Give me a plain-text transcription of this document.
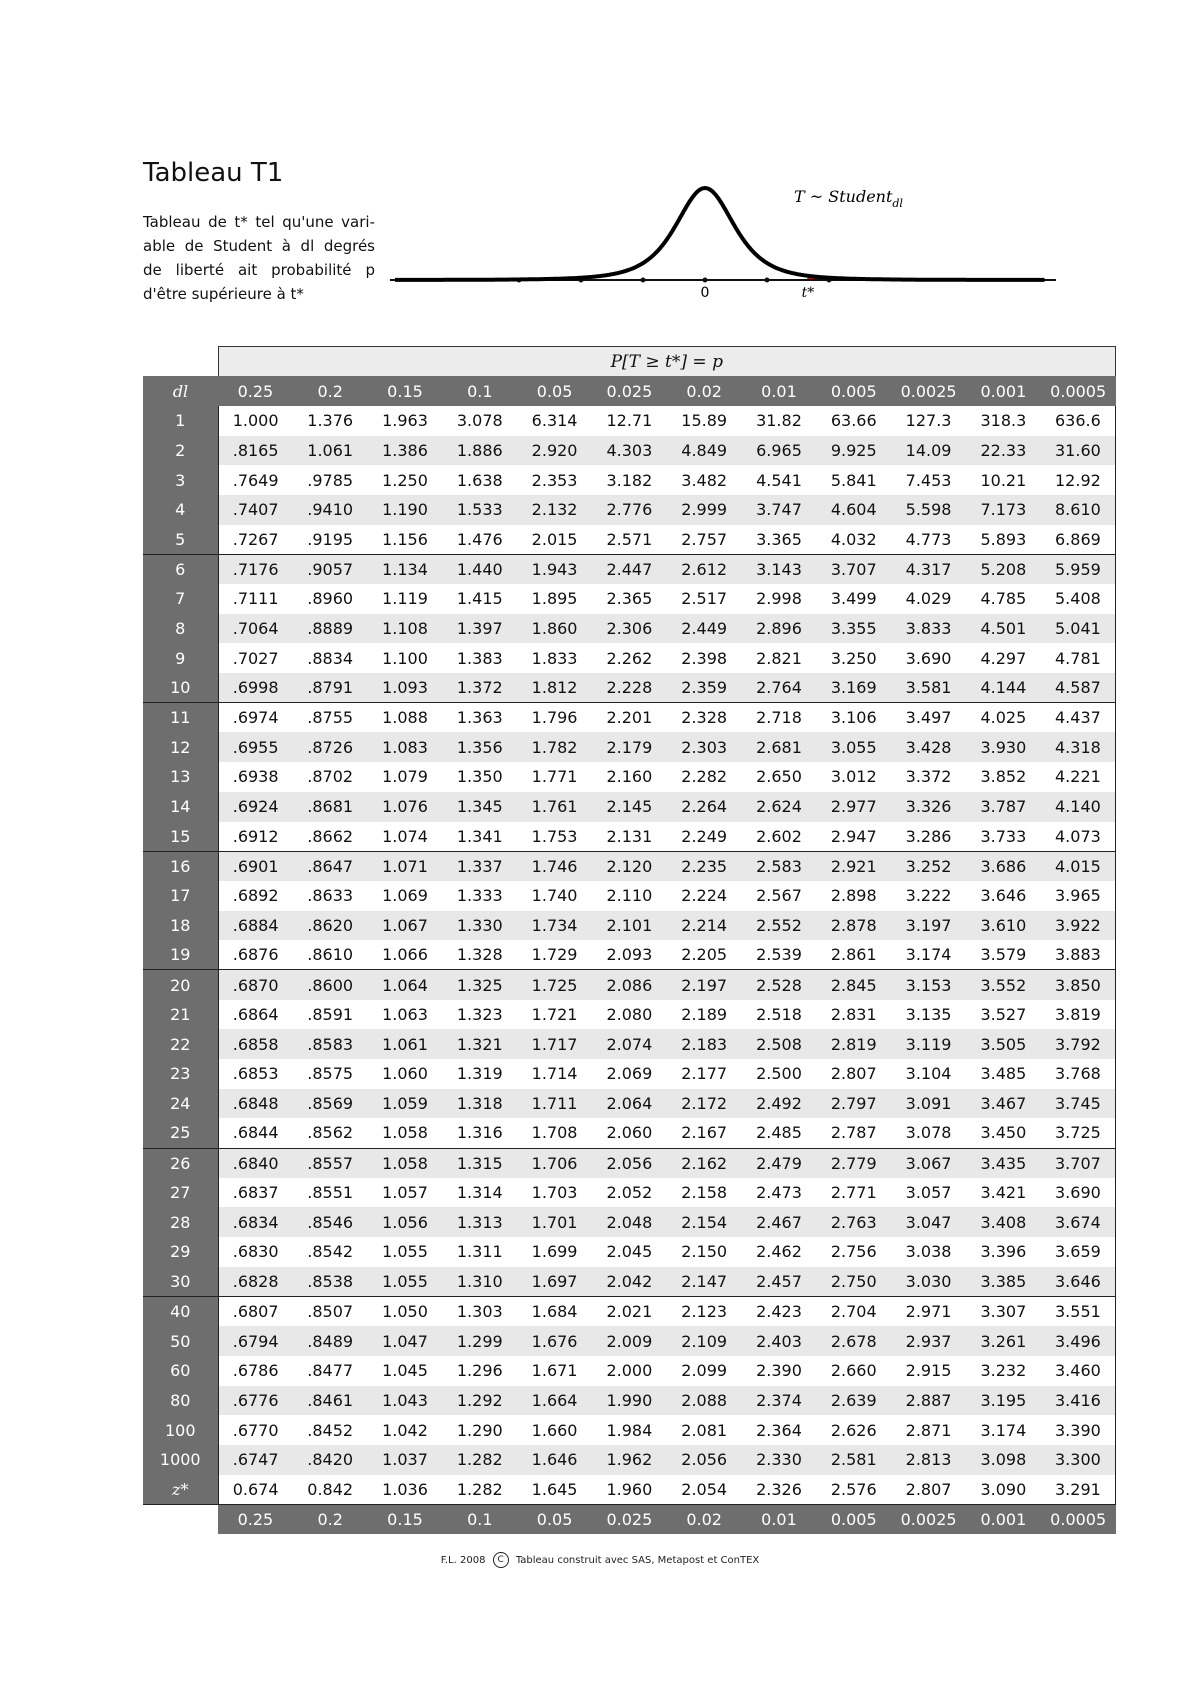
Tableau T1
Tableau de t* tel qu'une vari-
able de Student à dl degrés
de liberté ait probabilité p
d'être supérieure à t*	0	t*
T ~ Student$_{dl}$
	P[T ≥ t*] = p											
dl	0.25	0.2	0.15	0.1	0.05	0.025	0.02	0.01	0.005	0.0025	0.001	0.0005
1	1.000	1.376	1.963	3.078	6.314	12.71	15.89	31.82	63.66	127.3	318.3	636.6
2	.8165	1.061	1.386	1.886	2.920	4.303	4.849	6.965	9.925	14.09	22.33	31.60
3	.7649	.9785	1.250	1.638	2.353	3.182	3.482	4.541	5.841	7.453	10.21	12.92
4	.7407	.9410	1.190	1.533	2.132	2.776	2.999	3.747	4.604	5.598	7.173	8.610
5	.7267	.9195	1.156	1.476	2.015	2.571	2.757	3.365	4.032	4.773	5.893	6.869
6	.7176	.9057	1.134	1.440	1.943	2.447	2.612	3.143	3.707	4.317	5.208	5.959
7	.7111	.8960	1.119	1.415	1.895	2.365	2.517	2.998	3.499	4.029	4.785	5.408
8	.7064	.8889	1.108	1.397	1.860	2.306	2.449	2.896	3.355	3.833	4.501	5.041
9	.7027	.8834	1.100	1.383	1.833	2.262	2.398	2.821	3.250	3.690	4.297	4.781
10	.6998	.8791	1.093	1.372	1.812	2.228	2.359	2.764	3.169	3.581	4.144	4.587
11	.6974	.8755	1.088	1.363	1.796	2.201	2.328	2.718	3.106	3.497	4.025	4.437
12	.6955	.8726	1.083	1.356	1.782	2.179	2.303	2.681	3.055	3.428	3.930	4.318
13	.6938	.8702	1.079	1.350	1.771	2.160	2.282	2.650	3.012	3.372	3.852	4.221
14	.6924	.8681	1.076	1.345	1.761	2.145	2.264	2.624	2.977	3.326	3.787	4.140
15	.6912	.8662	1.074	1.341	1.753	2.131	2.249	2.602	2.947	3.286	3.733	4.073
16	.6901	.8647	1.071	1.337	1.746	2.120	2.235	2.583	2.921	3.252	3.686	4.015
17	.6892	.8633	1.069	1.333	1.740	2.110	2.224	2.567	2.898	3.222	3.646	3.965
18	.6884	.8620	1.067	1.330	1.734	2.101	2.214	2.552	2.878	3.197	3.610	3.922
19	.6876	.8610	1.066	1.328	1.729	2.093	2.205	2.539	2.861	3.174	3.579	3.883
20	.6870	.8600	1.064	1.325	1.725	2.086	2.197	2.528	2.845	3.153	3.552	3.850
21	.6864	.8591	1.063	1.323	1.721	2.080	2.189	2.518	2.831	3.135	3.527	3.819
22	.6858	.8583	1.061	1.321	1.717	2.074	2.183	2.508	2.819	3.119	3.505	3.792
23	.6853	.8575	1.060	1.319	1.714	2.069	2.177	2.500	2.807	3.104	3.485	3.768
24	.6848	.8569	1.059	1.318	1.711	2.064	2.172	2.492	2.797	3.091	3.467	3.745
25	.6844	.8562	1.058	1.316	1.708	2.060	2.167	2.485	2.787	3.078	3.450	3.725
26	.6840	.8557	1.058	1.315	1.706	2.056	2.162	2.479	2.779	3.067	3.435	3.707
27	.6837	.8551	1.057	1.314	1.703	2.052	2.158	2.473	2.771	3.057	3.421	3.690
28	.6834	.8546	1.056	1.313	1.701	2.048	2.154	2.467	2.763	3.047	3.408	3.674
29	.6830	.8542	1.055	1.311	1.699	2.045	2.150	2.462	2.756	3.038	3.396	3.659
30	.6828	.8538	1.055	1.310	1.697	2.042	2.147	2.457	2.750	3.030	3.385	3.646
40	.6807	.8507	1.050	1.303	1.684	2.021	2.123	2.423	2.704	2.971	3.307	3.551
50	.6794	.8489	1.047	1.299	1.676	2.009	2.109	2.403	2.678	2.937	3.261	3.496
60	.6786	.8477	1.045	1.296	1.671	2.000	2.099	2.390	2.660	2.915	3.232	3.460
80	.6776	.8461	1.043	1.292	1.664	1.990	2.088	2.374	2.639	2.887	3.195	3.416
100	.6770	.8452	1.042	1.290	1.660	1.984	2.081	2.364	2.626	2.871	3.174	3.390
1000	.6747	.8420	1.037	1.282	1.646	1.962	2.056	2.330	2.581	2.813	3.098	3.300
z*	0.674	0.842	1.036	1.282	1.645	1.960	2.054	2.326	2.576	2.807	3.090	3.291
	0.25	0.2	0.15	0.1	0.05	0.025	0.02	0.01	0.005	0.0025	0.001	0.0005
F.L. 2008 C Tableau construit avec SAS, Metapost et ConTEX
